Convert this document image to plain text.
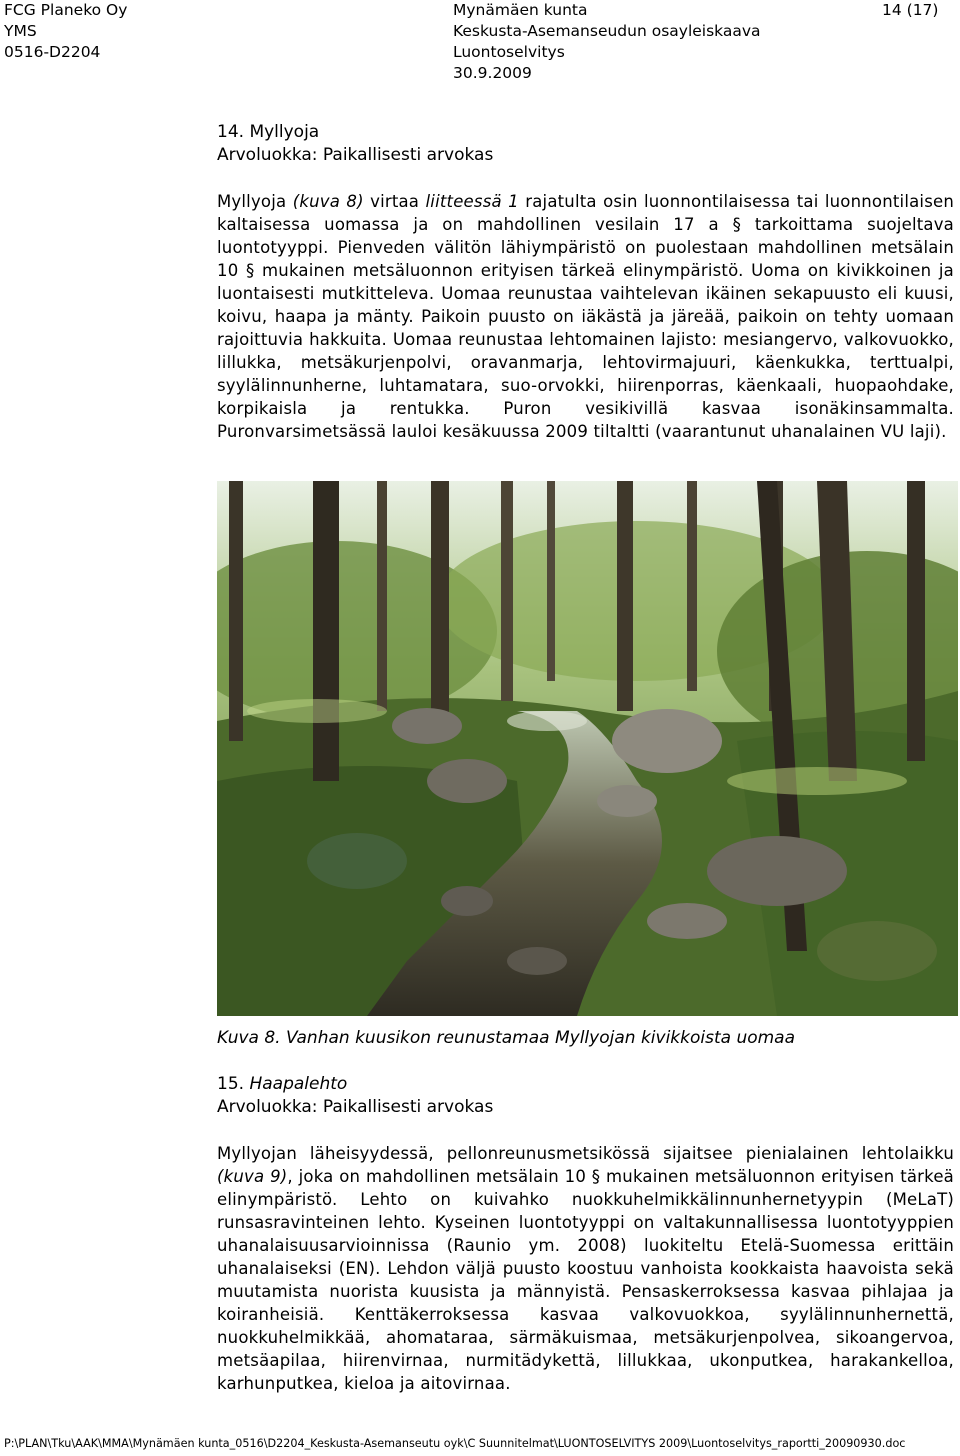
FCG Planeko Oy
YMS
0516-D2204
Mynämäen kunta
Keskusta-Asemanseudun osayleiskaava
Luontoselvitys
30.9.2009
14 (17)
14. Myllyoja
Arvoluokka: Paikallisesti arvokas

Myllyoja (kuva 8) virtaa liitteessä 1 rajatulta osin luonnontilaisessa tai luonnontilaisen kaltaisessa uomassa ja on mahdollinen vesilain 17 a § tarkoittama suojeltava luontotyyppi. Pienveden välitön lähiympäristö on puolestaan mahdollinen metsälain 10 § mukainen metsäluonnon erityisen tärkeä elinympäristö. Uoma on kivikkoinen ja luontaisesti mutkitteleva. Uomaa reunustaa vaihtelevan ikäinen sekapuusto eli kuusi, koivu, haapa ja mänty. Paikoin puusto on iäkästä ja järeää, paikoin on tehty uomaan rajoittuvia hakkuita. Uomaa reunustaa lehtomainen lajisto: mesiangervo, valkovuokko, lillukka, metsäkurjenpolvi, oravanmarja, lehtovirmajuuri, käenkukka, terttualpi, syylälinnunherne, luhtamatara, suo-orvokki, hiirenporras, käenkaali, huopaohdake, korpikaisla ja rentukka. Puron vesikivillä kasvaa isonäkinsammalta. Puronvarsimetsässä lauloi kesäkuussa 2009 tiltaltti (vaarantunut uhanalainen VU laji).

Kuva 8. Vanhan kuusikon reunustamaa Myllyojan kivikkoista uomaa
15. Haapalehto
Arvoluokka: Paikallisesti arvokas

Myllyojan läheisyydessä, pellonreunusmetsikössä sijaitsee pienialainen lehtolaikku (kuva 9), joka on mahdollinen metsälain 10 § mukainen metsäluonnon erityisen tärkeä elinympäristö. Lehto on kuivahko nuokkuhelmikkälinnunhernetyypin (MeLaT) runsasravinteinen lehto. Kyseinen luontotyyppi on valtakunnallisessa luontotyyppien uhanalaisuusarvioinnissa (Raunio ym. 2008) luokiteltu Etelä-Suomessa erittäin uhanalaiseksi (EN). Lehdon väljä puusto koostuu vanhoista kookkaista haavoista sekä muutamista nuorista kuusista ja männyistä. Pensaskerroksessa kasvaa pihlajaa ja koiranheisiä. Kenttäkerroksessa kasvaa valkovuokkoa, syylälinnunhernettä, nuokkuhelmikkää, ahomataraa, särmäkuismaa, metsäkurjenpolvea, sikoangervoa, metsäapilaa, hiirenvirnaa, nurmitädykettä, lillukkaa, ukonputkea, harakankelloa, karhunputkea, kieloa ja aitovirnaa.

P:\PLAN\Tku\AAK\MMA\Mynämäen kunta_0516\D2204_Keskusta-Asemanseutu oyk\C Suunnitelmat\LUONTOSELVITYS 2009\Luontoselvitys_raportti_20090930.doc
